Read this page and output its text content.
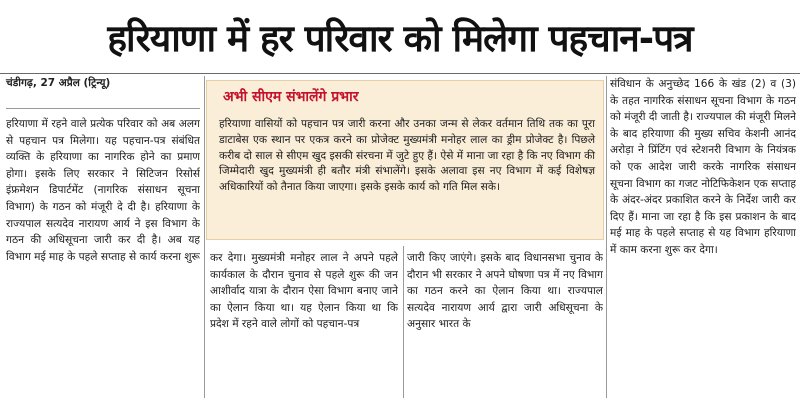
हरियाणा में हर परिवार को मिलेगा पहचान-पत्र
चंडीगढ़, 27 अप्रैल (ट्रिन्यू)
अभी सीएम संभालेंगे प्रभार
हरियाणा वासियों को पहचान पत्र जारी करना और उनका जन्म से लेकर वर्तमान तिथि तक का पूरा डाटाबेस एक स्थान पर एकत्र करने का प्रोजेक्ट मुख्यमंत्री मनोहर लाल का ड्रीम प्रोजेक्ट है। पिछले करीब दो साल से सीएम खुद इसकी संरचना में जुटे हुए हैं। ऐसे में माना जा रहा है कि नए विभाग की जिम्मेदारी खुद मुख्यमंत्री ही बतौर मंत्री संभालेंगे। इसके अलावा इस नए विभाग में कई विशेषज्ञ अधिकारियों को तैनात किया जाएगा। इसके इसके कार्य को गति मिल सके।

हरियाणा में रहने वाले प्रत्येक परिवार को अब अलग से पहचान पत्र मिलेगा। यह पहचान-पत्र संबंधित व्यक्ति के हरियाणा का नागरिक होने का प्रमाण होगा। इसके लिए सरकार ने सिटिजन रिसोर्स इंफ्रमेशन डिपार्टमेंट (नागरिक संसाधन सूचना विभाग) के गठन को मंजूरी दे दी है। हरियाणा के राज्यपाल सत्यदेव नारायण आर्य ने इस विभाग के गठन की अधिसूचना जारी कर दी है। अब यह विभाग मई माह के पहले सप्ताह से कार्य करना शुरू कर देगा। मुख्यमंत्री मनोहर लाल ने अपने पहले कार्यकाल के दौरान चुनाव से पहले शुरू की जन आशीर्वाद यात्रा के दौरान ऐसा विभाग बनाए जाने का ऐलान किया था। यह ऐलान किया था कि प्रदेश में रहने वाले लोगों को पहचान-पत्र

जारी किए जाएंगे। इसके बाद विधानसभा चुनाव के दौरान भी सरकार ने अपने घोषणा पत्र में नए विभाग का गठन करने का ऐलान किया था। राज्यपाल सत्यदेव नारायण आर्य द्वारा जारी अधिसूचना के अनुसार भारत के

संविधान के अनुच्छेद 166 के खंड (2) व (3) के तहत नागरिक संसाधन सूचना विभाग के गठन को मंजूरी दी जाती है। राज्यपाल की मंजूरी मिलने के बाद हरियाणा की मुख्य सचिव केशनी आनंद अरोड़ा ने प्रिंटिंग एवं स्टेशनरी विभाग के नियंत्रक को एक आदेश जारी करके नागरिक संसाधन सूचना विभाग का गजट नोटिफिकेशन एक सप्ताह के अंदर-अंदर प्रकाशित करने के निर्देश जारी कर दिए हैं। माना जा रहा है कि इस प्रकाशन के बाद मई माह के पहले सप्ताह से यह विभाग हरियाणा में काम करना शुरू कर देगा।
